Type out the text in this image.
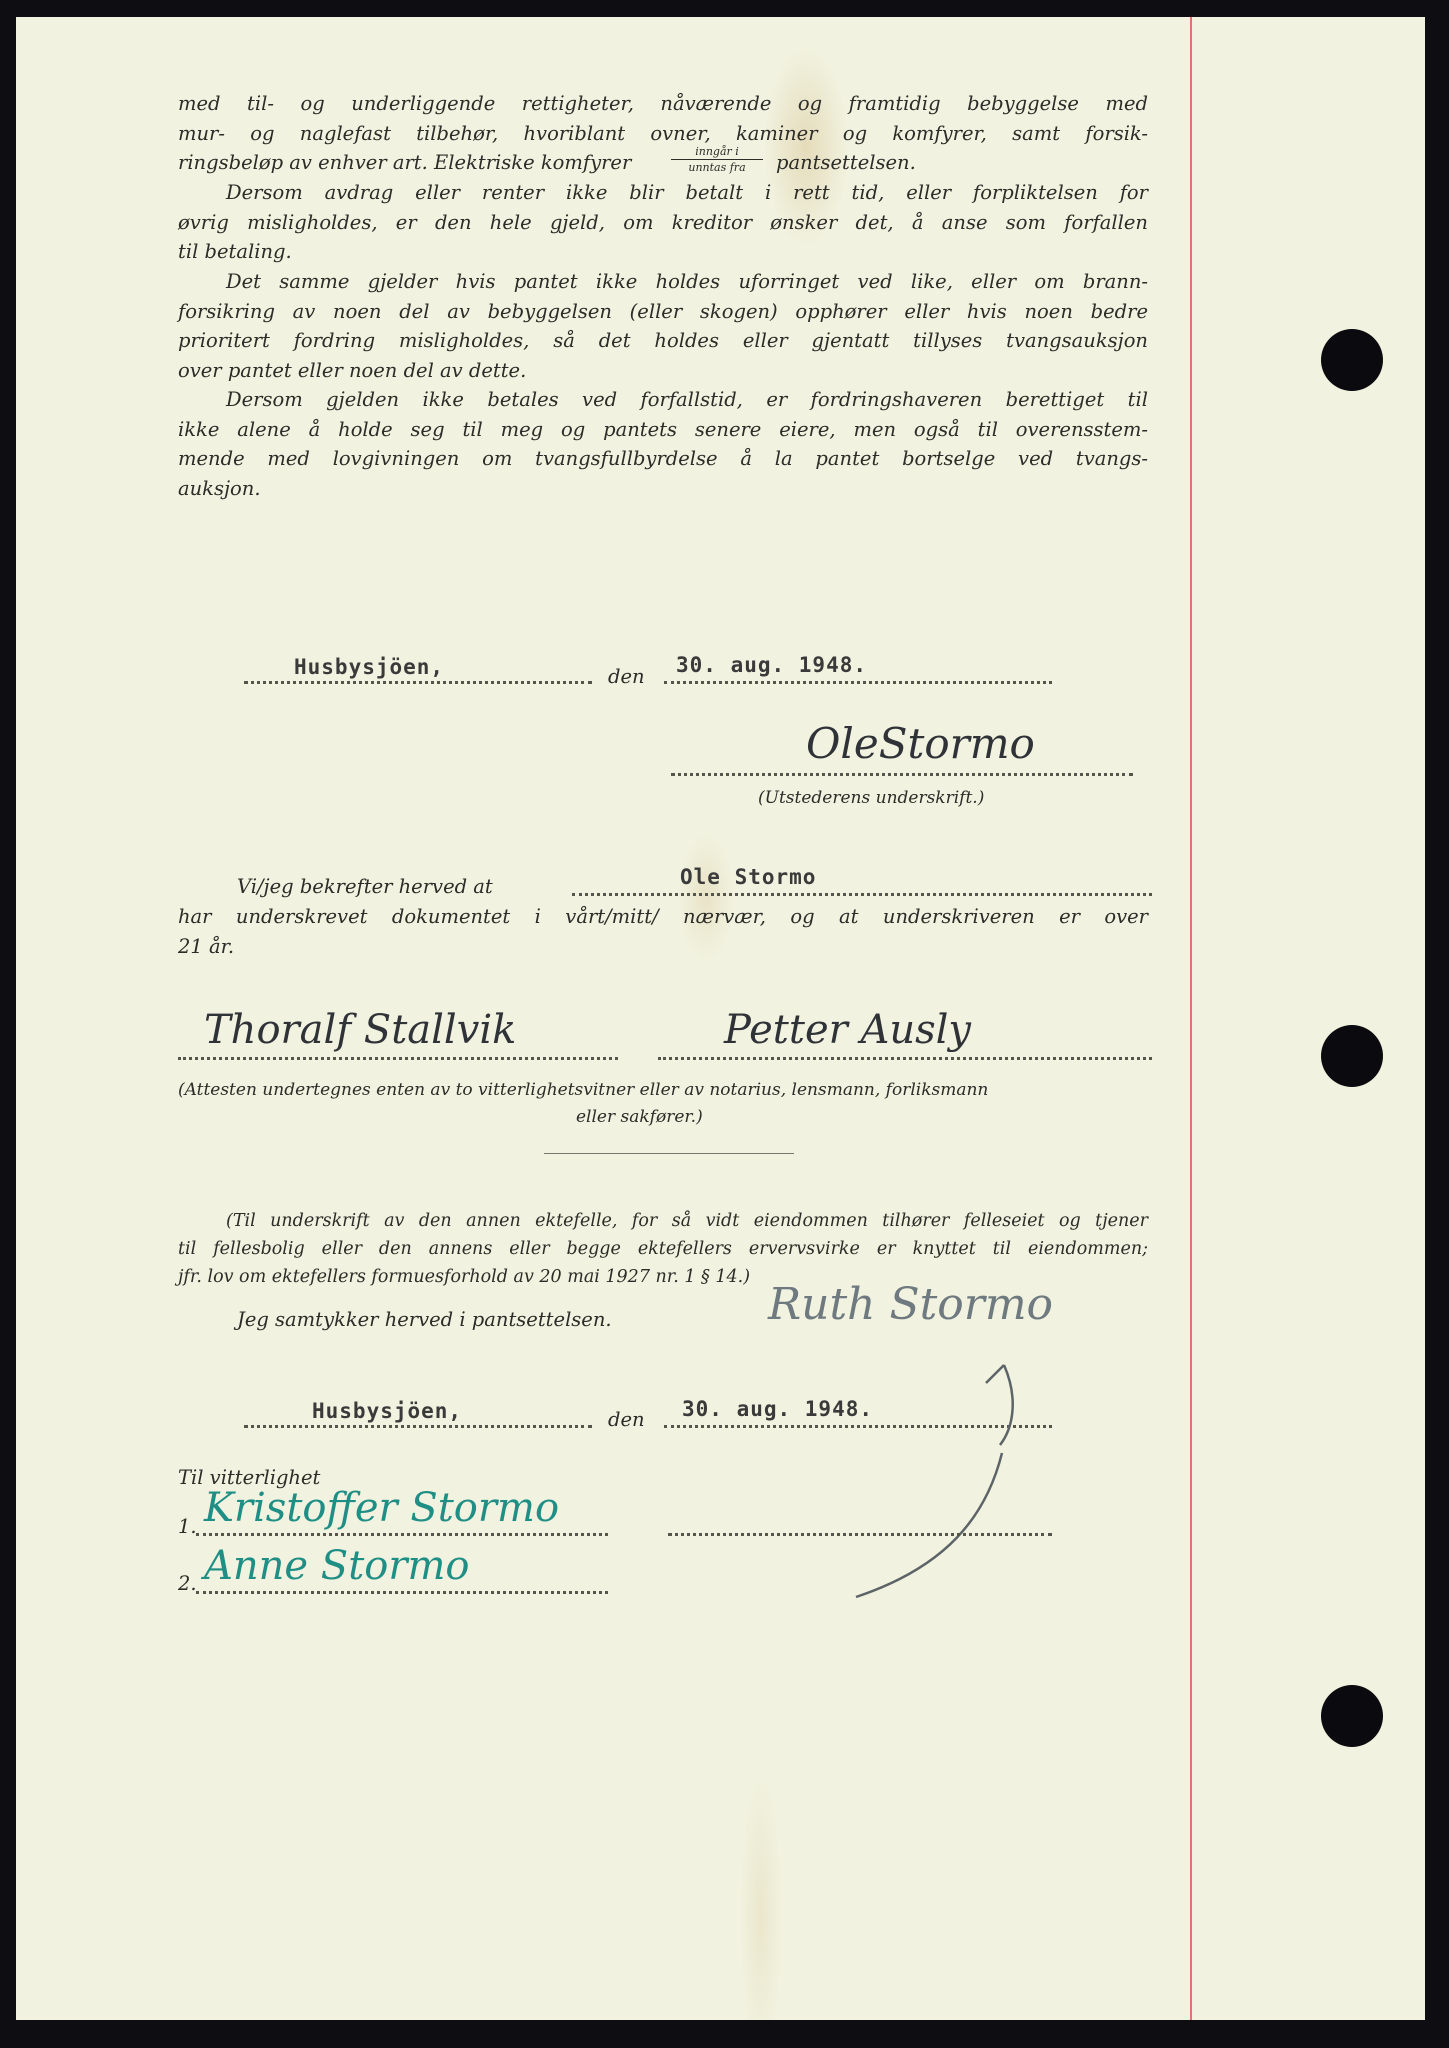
med til- og underliggende rettigheter, nåværende og framtidig bebyggelse med
mur- og naglefast tilbehør, hvoriblant ovner, kaminer og komfyrer, samt forsik-
ringsbeløp av enhver art. Elektriske komfyrer	inngår i
unntas fra	pantsettelsen.
Dersom avdrag eller renter ikke blir betalt i rett tid, eller forpliktelsen for
øvrig misligholdes, er den hele gjeld, om kreditor ønsker det, å anse som forfallen
til betaling.
Det samme gjelder hvis pantet ikke holdes uforringet ved like, eller om brann-
forsikring av noen del av bebyggelsen (eller skogen) opphører eller hvis noen bedre
prioritert fordring misligholdes, så det holdes eller gjentatt tillyses tvangsauksjon
over pantet eller noen del av dette.
Dersom gjelden ikke betales ved forfallstid, er fordringshaveren berettiget til
ikke alene å holde seg til meg og pantets senere eiere, men også til overensstem-
mende med lovgivningen om tvangsfullbyrdelse å la pantet bortselge ved tvangs-
auksjon.
Husbysjöen,	den 30. aug. 1948.
OleStormo
(Utstederens underskrift.)
Vi/jeg bekrefter herved at	Ole Stormo
har underskrevet dokumentet i vårt/mitt/ nærvær, og at underskriveren er over
21 år.
Thoralf Stallvik	Petter Ausly
(Attesten undertegnes enten av to vitterlighetsvitner eller av notarius, lensmann, forliksmann
eller sakfører.)
(Til underskrift av den annen ektefelle, for så vidt eiendommen tilhører felleseiet og tjener
til fellesbolig eller den annens eller begge ektefellers ervervsvirke er knyttet til eiendommen;
jfr. lov om ektefellers formuesforhold av 20 mai 1927 nr. 1 § 14.)
Jeg samtykker herved i pantsettelsen.	Ruth Stormo
Husbysjöen,	den 30. aug. 1948.
Til vitterlighet
1. Kristoffer Stormo
2. Anne Stormo
